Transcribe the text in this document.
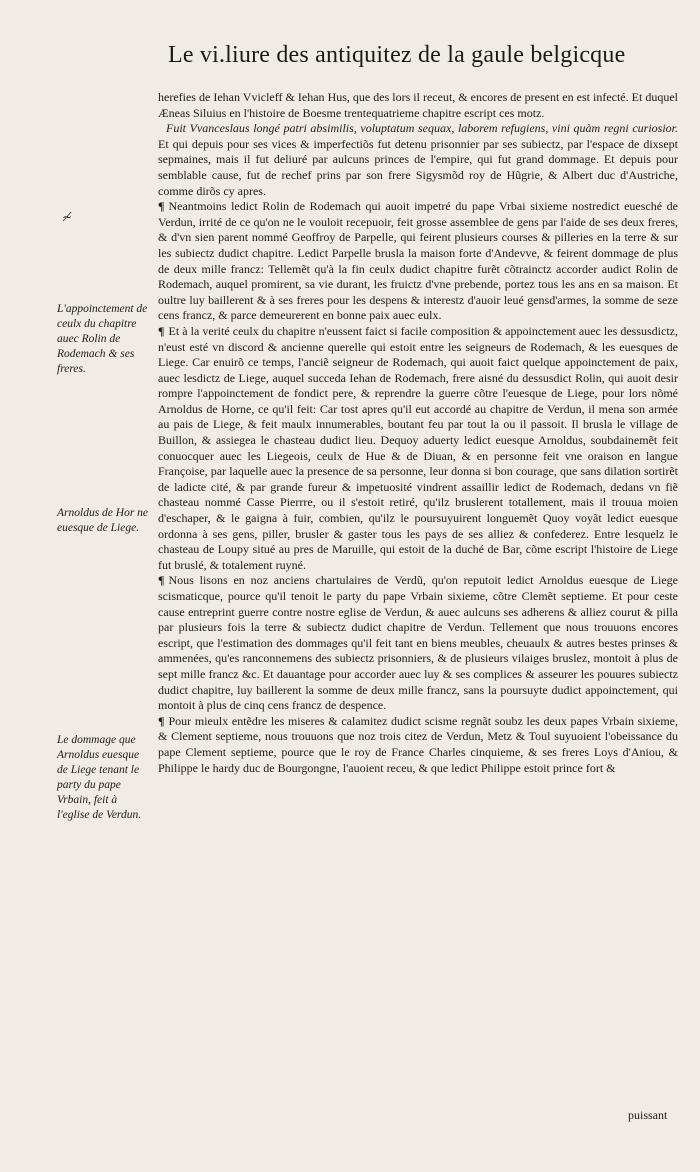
Le vi.liure des antiquitez de la gaule belgicque
≁
L'appoinctement de ceulx du chapitre auec Rolin de Rodemach & ses freres.
Arnoldus de Hor ne euesque de Liege.
Le dommage que Arnoldus euesque de Liege tenant le party du pape Vrbain, feit à l'eglise de Verdun.

herefies de Iehan Vvicleff & Iehan Hus, que des lors il receut, & encores de present en est infecté. Et duquel Æneas Siluius en l'histoire de Boesme trentequatrieme chapitre escript ces motz.

Fuit Vvanceslaus longé patri absimilis, voluptatum sequax, laborem refugiens, vini quàm regni curiosior. Et qui depuis pour ses vices & imperfectiõs fut detenu prisonnier par ses subiectz, par l'espace de dixsept sepmaines, mais il fut deliuré par aulcuns princes de l'empire, qui fut grand dommage. Et depuis pour semblable cause, fut de rechef prins par son frere Sigysmõd roy de Hũgrie, & Albert duc d'Austriche, comme dirõs cy apres.

¶ Neantmoins ledict Rolin de Rodemach qui auoit impetré du pape Vrbai sixieme nostredict euesché de Verdun, irrité de ce qu'on ne le vouloit recepuoir, feit grosse assemblee de gens par l'aide de ses deux freres, & d'vn sien parent nommé Geoffroy de Parpelle, qui feirent plusieurs courses & pilleries en la terre & sur les subiectz dudict chapitre. Ledict Parpelle brusla la maison forte d'Andevve, & feirent dommage de plus de deux mille francz: Tellemẽt qu'à la fin ceulx dudict chapitre furẽt cõtrainctz accorder audict Rolin de Rodemach, auquel promirent, sa vie durant, les fruictz d'vne prebende, portez tous les ans en sa maison. Et oultre luy baillerent & à ses freres pour les despens & interestz d'auoir leué gensd'armes, la somme de seze cens francz, & parce demeurerent en bonne paix auec eulx.

¶ Et à la verité ceulx du chapitre n'eussent faict si facile composition & appoinctement auec les dessusdictz, n'eust esté vn discord & ancienne querelle qui estoit entre les seigneurs de Rodemach, & les euesques de Liege. Car enuirõ ce temps, l'anciẽ seigneur de Rodemach, qui auoit faict quelque appoinctement de paix, auec lesdictz de Liege, auquel succeda Iehan de Rodemach, frere aisné du dessusdict Rolin, qui auoit desir rompre l'appoinctement de fondict pere, & reprendre la guerre cõtre l'euesque de Liege, pour lors nõmé Arnoldus de Horne, ce qu'il feit: Car tost apres qu'il eut accordé au chapitre de Verdun, il mena son armée au pais de Liege, & feit maulx innumerables, boutant feu par tout la ou il passoit. Il brusla le village de Buillon, & assiegea le chasteau dudict lieu. Dequoy aduerty ledict euesque Arnoldus, soubdainemẽt feit conuocquer auec les Liegeois, ceulx de Hue & de Diuan, & en personne feit vne oraison en langue Françoise, par laquelle auec la presence de sa personne, leur donna si bon courage, que sans dilation sortirẽt de ladicte cité, & par grande fureur & impetuosité vindrent assaillir ledict de Rodemach, dedans vn fiẽ chasteau nommé Casse Pierrre, ou il s'estoit retiré, qu'ilz bruslerent totallement, mais il trouua moien d'eschaper, & le gaigna à fuir, combien, qu'ilz le poursuyuirent longuemẽt Quoy voyãt ledict euesque ordonna à ses gens, piller, brusler & gaster tous les pays de ses alliez & confederez. Entre lesquelz le chasteau de Loupy situé au pres de Maruille, qui estoit de la duché de Bar, cõme escript l'histoire de Liege fut bruslé, & totalement ruyné.

¶ Nous lisons en noz anciens chartulaires de Verdũ, qu'on reputoit ledict Arnoldus euesque de Liege scismaticque, pource qu'il tenoit le party du pape Vrbain sixieme, cõtre Clemẽt septieme. Et pour ceste cause entreprint guerre contre nostre eglise de Verdun, & auec aulcuns ses adherens & alliez courut & pilla par plusieurs fois la terre & subiectz dudict chapitre de Verdun. Tellement que nous trouuons encores escript, que l'estimation des dommages qu'il feit tant en biens meubles, cheuaulx & autres bestes prinses & ammenées, qu'es ranconnemens des subiectz prisonniers, & de plusieurs vilaiges bruslez, montoit à plus de sept mille francz &c. Et dauantage pour accorder auec luy & ses complices & asseurer les pouures subiectz dudict chapitre, luy baillerent la somme de deux mille francz, sans la poursuyte dudict appoinctement, qui montoit à plus de cinq cens francz de despence.

¶ Pour mieulx entẽdre les miseres & calamitez dudict scisme regnãt soubz les deux papes Vrbain sixieme, & Clement septieme, nous trouuons que noz trois citez de Verdun, Metz & Toul suyuoient l'obeissance du pape Clement septieme, pource que le roy de France Charles cinquieme, & ses freres Loys d'Aniou, & Philippe le hardy duc de Bourgongne, l'auoient receu, & que ledict Philippe estoit prince fort &

puissant
